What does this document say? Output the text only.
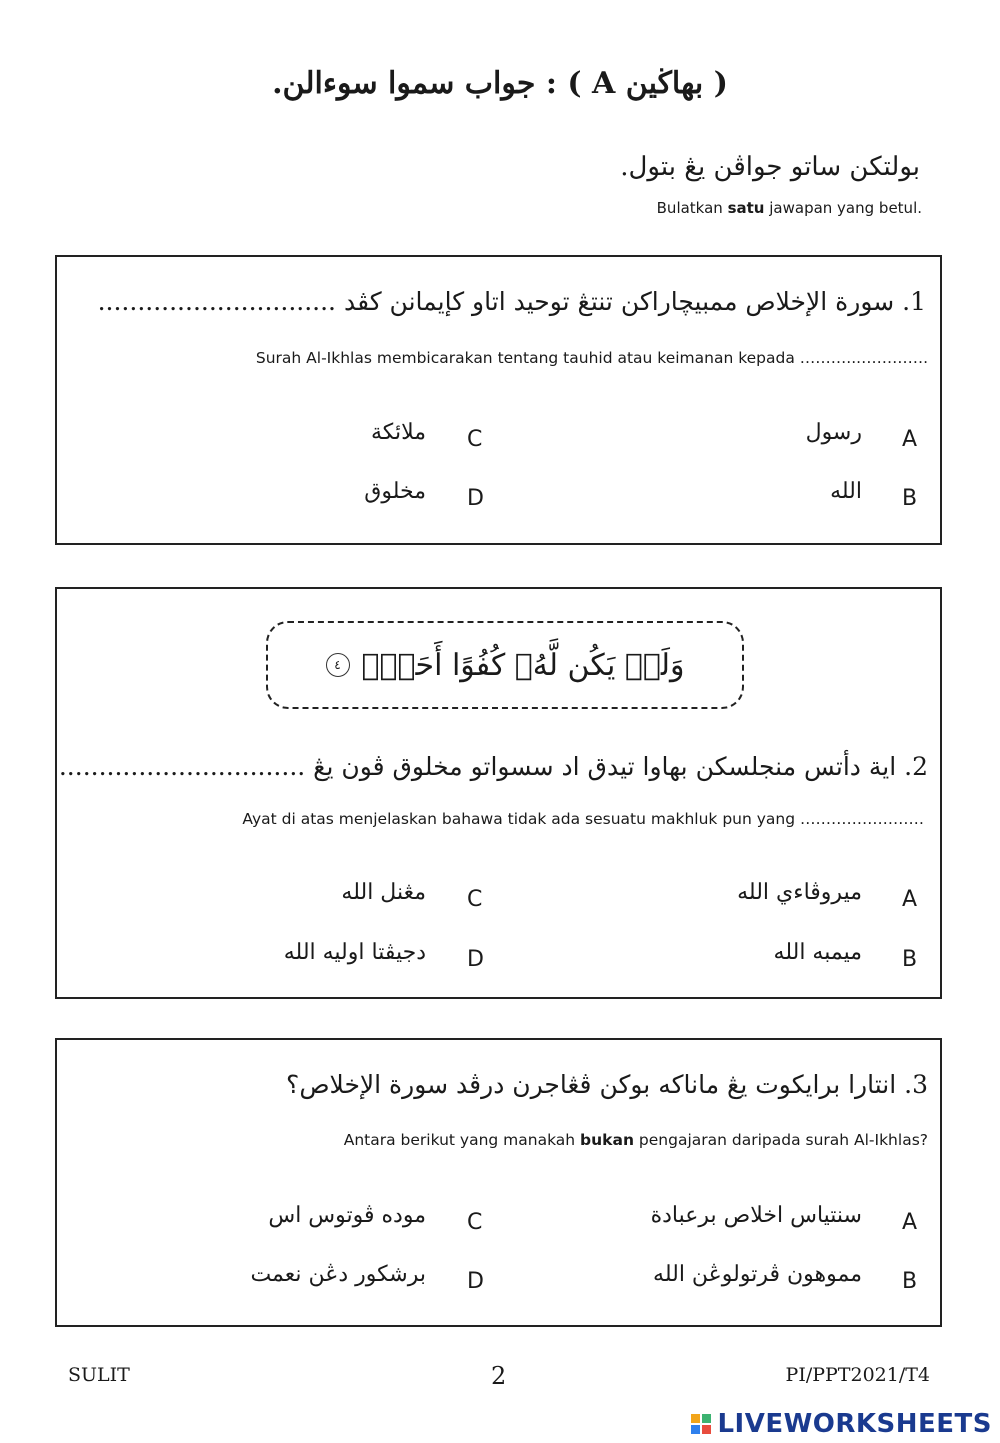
( بهاڬين A ) : جواب سموا سوءالن.
بولتكن ساتو جواڤن يڠ بتول.
Bulatkan satu jawapan yang betul.
1. سورة الإخلاص ممبيچاراكن تنتڠ توحيد اتاو كإيمانن كڤد ..............................
Surah Al-Ikhlas membicarakan tentang tauhid atau keimanan kepada ………...………….
A
رسول
B
الله
C
ملائكة
D
مخلوق
وَلَمۡ يَكُن لَّهُۥ كُفُوًا أَحَدُۢ
٤
2. اية دأتس منجلسكن بهاوا تيدق اد سسواتو مخلوق ڤون يڠ ...............................
Ayat di atas menjelaskan bahawa tidak ada sesuatu makhluk pun yang ……………………
A
ميروڤاءي الله
B
ميمبه الله
C
مڠنل الله
D
دجيڤتا اوليه الله
3. انتارا برايكوت يڠ ماناكه بوكن ڤڠاجرن درڤد سورة الإخلاص؟
Antara berikut yang manakah bukan pengajaran daripada surah Al-Ikhlas?
A
سنتياس اخلاص برعبادة
B
مموهون ڤرتولوڠن الله
C
موده ڤوتوس اس
D
برشكور دڠن نعمت
SULIT	2	PI/PPT2021/T4
LIVEWORKSHEETS
